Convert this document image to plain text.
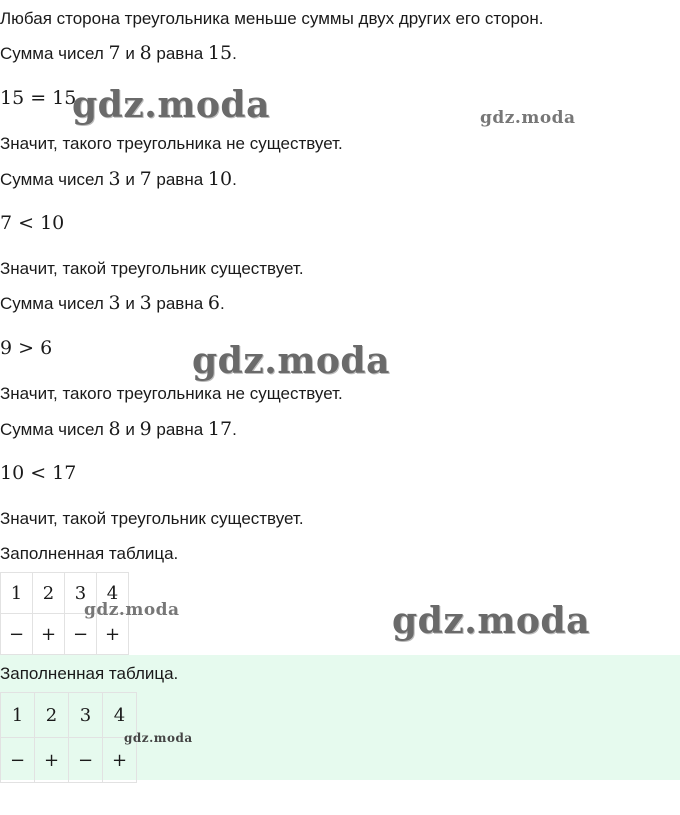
Любая сторона треугольника меньше суммы двух других его сторон.
Сумма чисел 7 и 8 равна 15.
15 = 15
Значит, такого треугольника не существует.
Сумма чисел 3 и 7 равна 10.
7 < 10
Значит, такой треугольник существует.
Сумма чисел 3 и 3 равна 6.
9 > 6
Значит, такого треугольника не существует.
Сумма чисел 8 и 9 равна 17.
10 < 17
Значит, такой треугольник существует.
Заполненная таблица.
1	2	3	4
−	+	−	+
Заполненная таблица.
1	2	3	4
−	+	−	+
gdz.moda	gdz.moda
gdz.moda
gdz.moda	gdz.moda
gdz.moda
